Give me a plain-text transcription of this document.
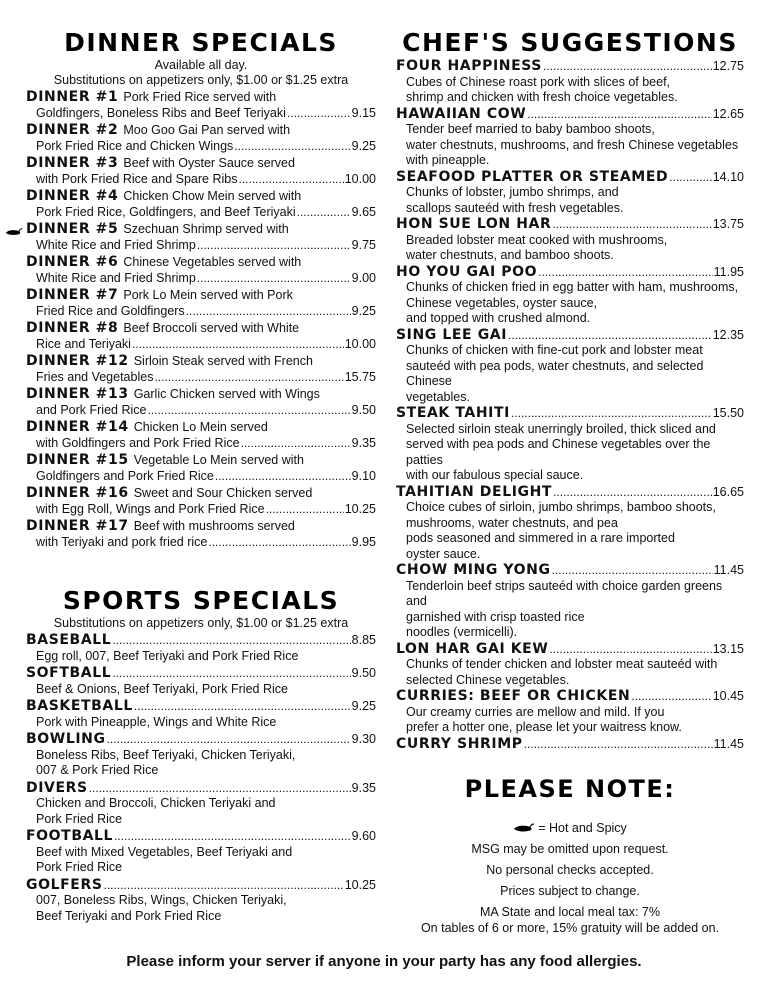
DINNER SPECIALS
Available all day.
Substitutions on appetizers only, $1.00 or $1.25 extra
DINNER #1 Pork Fried Rice served with
Goldfingers, Boneless Ribs and Beef Teriyaki .....	9.15
DINNER #2 Moo Goo Gai Pan served with
Pork Fried Rice and Chicken Wings .....	9.25
DINNER #3 Beef with Oyster Sauce served
with Pork Fried Rice and Spare Ribs .....	10.00
DINNER #4 Chicken Chow Mein served with
Pork Fried Rice, Goldfingers, and Beef Teriyaki .....	9.65
DINNER #5 Szechuan Shrimp served with
White Rice and Fried Shrimp .....	9.75
DINNER #6 Chinese Vegetables served with
White Rice and Fried Shrimp .....	9.00
DINNER #7 Pork Lo Mein served with Pork
Fried Rice and Goldfingers .....	9.25
DINNER #8 Beef Broccoli served with White
Rice and Teriyaki .....	10.00
DINNER #12 Sirloin Steak served with French
Fries and Vegetables .....	15.75
DINNER #13 Garlic Chicken served with Wings
and Pork Fried Rice .....	9.50
DINNER #14 Chicken Lo Mein served
with Goldfingers and Pork Fried Rice .....	9.35
DINNER #15 Vegetable Lo Mein served with
Goldfingers and Pork Fried Rice .....	9.10
DINNER #16 Sweet and Sour Chicken served
with Egg Roll, Wings and Pork Fried Rice .....	10.25
DINNER #17 Beef with mushrooms served
with Teriyaki and pork fried rice .....	9.95
SPORTS SPECIALS
Substitutions on appetizers only, $1.00 or $1.25 extra
BASEBALL .....	8.85
Egg roll, 007, Beef Teriyaki and Pork Fried Rice
SOFTBALL .....	9.50
Beef & Onions, Beef Teriyaki, Pork Fried Rice
BASKETBALL .....	9.25
Pork with Pineapple, Wings and White Rice
BOWLING .....	9.30
Boneless Ribs, Beef Teriyaki, Chicken Teriyaki,
007 & Pork Fried Rice
DIVERS .....	9.35
Chicken and Broccoli, Chicken Teriyaki and
Pork Fried Rice
FOOTBALL .....	9.60
Beef with Mixed Vegetables, Beef Teriyaki and
Pork Fried Rice
GOLFERS .....	10.25
007, Boneless Ribs, Wings, Chicken Teriyaki,
Beef Teriyaki and Pork Fried Rice
CHEF'S SUGGESTIONS
FOUR HAPPINESS .....	12.75
Cubes of Chinese roast pork with slices of beef,
shrimp and chicken with fresh choice vegetables.
HAWAIIAN COW .....	12.65
Tender beef married to baby bamboo shoots,
water chestnuts, mushrooms, and fresh Chinese vegetables
with pineapple.
SEAFOOD PLATTER OR STEAMED .....	14.10
Chunks of lobster, jumbo shrimps, and
scallops sauteéd with fresh vegetables.
HON SUE LON HAR .....	13.75
Breaded lobster meat cooked with mushrooms,
water chestnuts, and bamboo shoots.
HO YOU GAI POO .....	11.95
Chunks of chicken fried in egg batter with ham, mushrooms,
Chinese vegetables, oyster sauce,
and topped with crushed almond.
SING LEE GAI .....	12.35
Chunks of chicken with fine-cut pork and lobster meat
sauteéd with pea pods, water chestnuts, and selected Chinese
vegetables.
STEAK TAHITI .....	15.50
Selected sirloin steak unerringly broiled, thick sliced and
served with pea pods and Chinese vegetables over the patties
with our fabulous special sauce.
TAHITIAN DELIGHT .....	16.65
Choice cubes of sirloin, jumbo shrimps, bamboo shoots,
mushrooms, water chestnuts, and pea
pods seasoned and simmered in a rare imported
oyster sauce.
CHOW MING YONG .....	11.45
Tenderloin beef strips sauteéd with choice garden greens and
garnished with crisp toasted rice
noodles (vermicelli).
LON HAR GAI KEW .....	13.15
Chunks of tender chicken and lobster meat sauteéd with
selected Chinese vegetables.
CURRIES: BEEF OR CHICKEN .....	10.45
Our creamy curries are mellow and mild. If you
prefer a hotter one, please let your waitress know.
CURRY SHRIMP .....	11.45
PLEASE NOTE:
= Hot and Spicy
MSG may be omitted upon request.
No personal checks accepted.
Prices subject to change.
MA State and local meal tax: 7%
On tables of 6 or more, 15% gratuity will be added on.
Please inform your server if anyone in your party has any food allergies.
